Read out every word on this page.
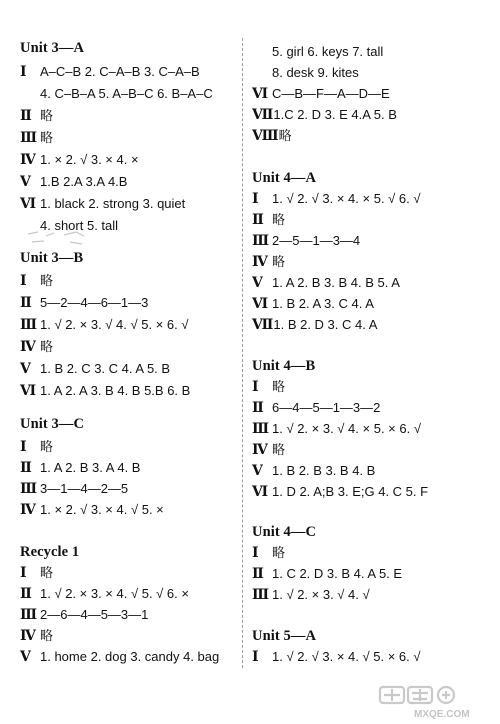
Unit 3—A
Ⅰ A–C–B 2. C–A–B 3. C–A–B
4. C–B–A 5. A–B–C 6. B–A–C
Ⅱ 略
Ⅲ 略
Ⅳ 1. × 2. √ 3. × 4. ×
Ⅴ 1.B 2.A 3.A 4.B
Ⅵ 1. black 2. strong 3. quiet
4. short 5. tall
Unit 3—B
Ⅰ 略
Ⅱ 5—2—4—6—1—3
Ⅲ 1. √ 2. × 3. √ 4. √ 5. × 6. √
Ⅳ 略
Ⅴ 1. B 2. C 3. C 4. A 5. B
Ⅵ 1. A 2. A 3. B 4. B 5.B 6. B
Unit 3—C
Ⅰ 略
Ⅱ 1. A 2. B 3. A 4. B
Ⅲ 3—1—4—2—5
Ⅳ 1. × 2. √ 3. × 4. √ 5. ×
Recycle 1
Ⅰ 略
Ⅱ 1. √ 2. × 3. × 4. √ 5. √ 6. ×
Ⅲ 2—6—4—5—3—1
Ⅳ 略
Ⅴ 1. home 2. dog 3. candy 4. bag
5. girl 6. keys 7. tall
8. desk 9. kites
Ⅵ C—B—F—A—D—E
Ⅶ1.C 2. D 3. E 4.A 5. B
Ⅷ略
Unit 4—A
Ⅰ 1. √ 2. √ 3. × 4. × 5. √ 6. √
Ⅱ 略
Ⅲ 2—5—1—3—4
Ⅳ 略
Ⅴ 1. A 2. B 3. B 4. B 5. A
Ⅵ 1. B 2. A 3. C 4. A
Ⅶ1. B 2. D 3. C 4. A
Unit 4—B
Ⅰ 略
Ⅱ 6—4—5—1—3—2
Ⅲ 1. √ 2. × 3. √ 4. × 5. × 6. √
Ⅳ 略
Ⅴ 1. B 2. B 3. B 4. B
Ⅵ 1. D 2. A;B 3. E;G 4. C 5. F
Unit 4—C
Ⅰ 略
Ⅱ 1. C 2. D 3. B 4. A 5. E
Ⅲ 1. √ 2. × 3. √ 4. √
Unit 5—A
Ⅰ 1. √ 2. √ 3. × 4. √ 5. × 6. √
MXQE.COM
